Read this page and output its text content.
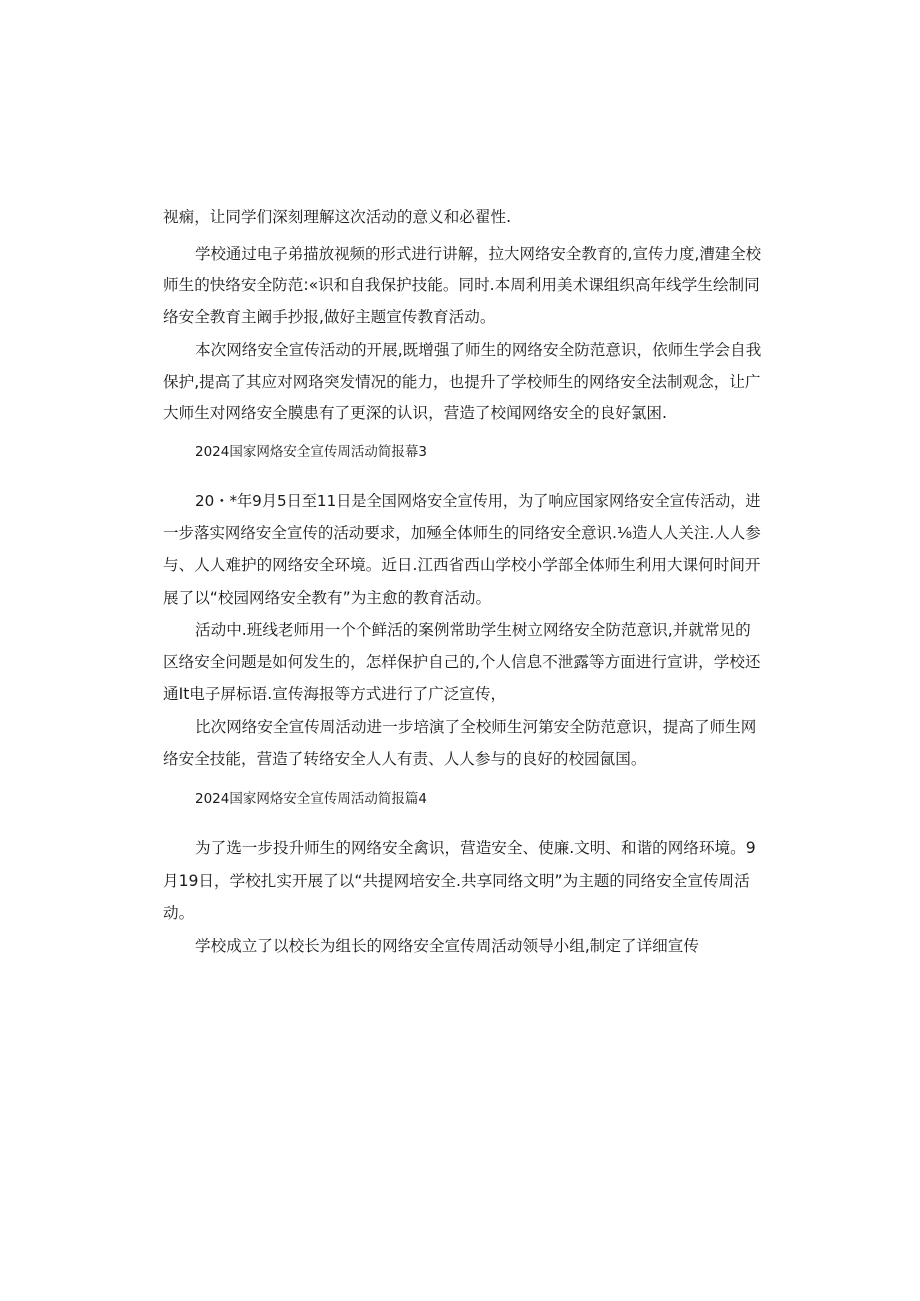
视痫，让同学们深刻理解这次活动的意义和必翟性.
学校通过电子弟描放视频的形式进行讲解，拉大网络安全教育的,宣传力度,漕建全校
师生的快络安全防范:«识和自我保护技能。同时.本周利用美术课组织高年线学生绘制同
络安全教育主阚手抄报,做好主题宣传教育活动。
本次网络安全宣传活动的开展,既增强了师生的网络安全防范意识，依师生学会自我
保护,提高了其应对网珞突发情况的能力，也提升了学校师生的网络安全法制观念，让广
大师生对网络安全膜患有了更深的认识，营造了校闻网络安全的良好氯困.
2024国家网烙安全宣传周活动简报幕3
20・*年9月5日至11日是全国网烙安全宣传用，为了响应国家网络安全宣传活动，进
一步落实网络安全宣传的活动要求，加殛全体师生的同络安全意识.⅛造人人关注.人人参
与、人人难护的网络安全环境。近日.江西省西山学校小学部全体师生利用大课何时间开
展了以“校园网络安全教有”为主愈的教育活动。
活动中.班线老师用一个个鲜活的案例常助学生树立网络安全防范意识,并就常见的
区络安全问题是如何发生的，怎样保护自己的,个人信息不泄露等方面进行宣讲，学校还
通It电子屏标语.宣传海报等方式进行了广泛宣传，
比次网络安全宣传周活动进一步培演了全校师生河第安全防范意识，提高了师生网
络安全技能，营造了转络安全人人有责、人人参与的良好的校园氤国。
2024国家网烙安全宣传周活动简报篇4
为了选一步投升师生的网络安全禽识，营造安全、使廉.文明、和谐的网络环境。9
月19日，学校扎实开展了以“共提网培安全.共享同络文明”为主题的同络安全宣传周活
动。
学校成立了以校长为组长的网络安全宣传周活动领导小组,制定了详细宣传
